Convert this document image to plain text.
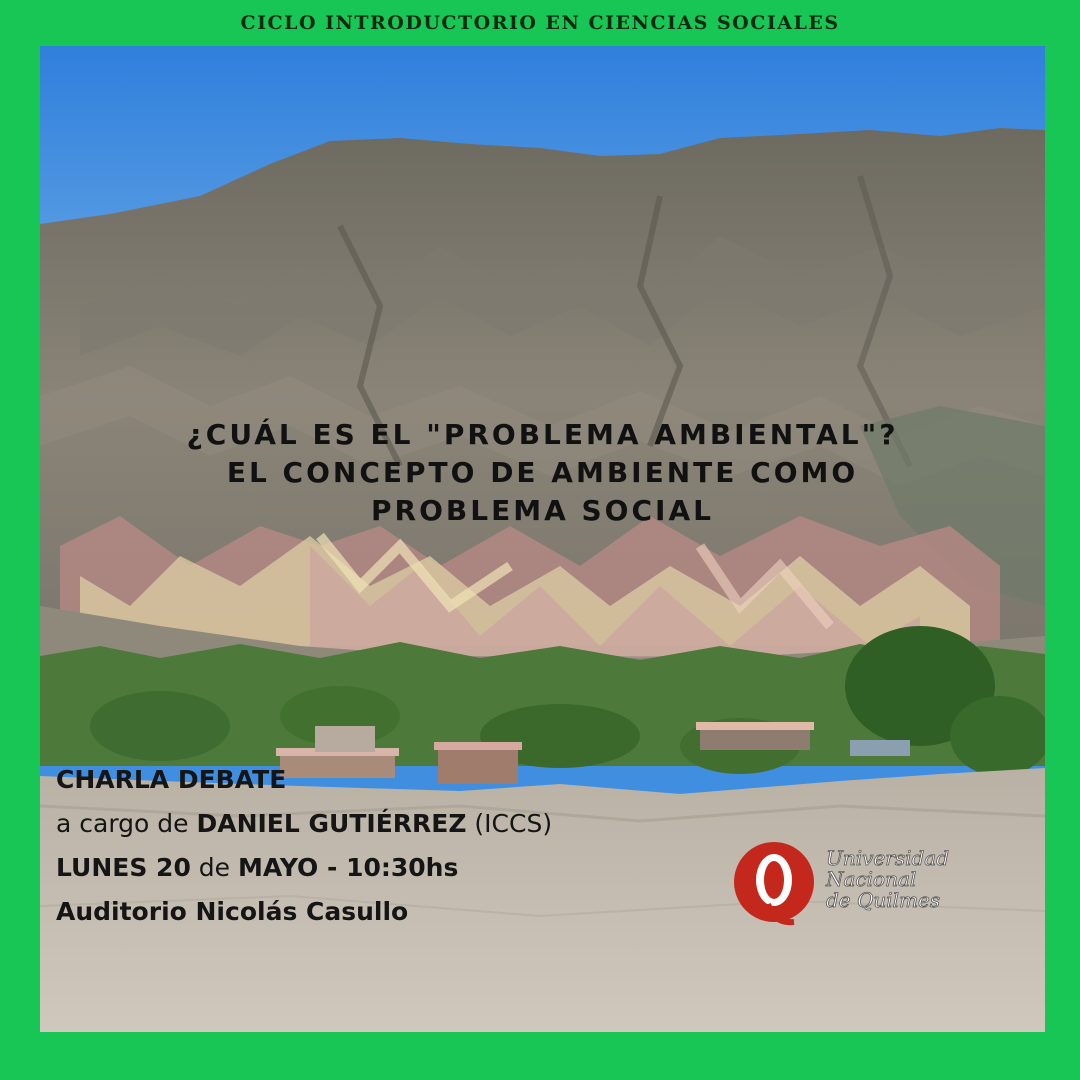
CICLO INTRODUCTORIO EN CIENCIAS SOCIALES
¿CUÁL ES EL "PROBLEMA AMBIENTAL"?
EL CONCEPTO DE AMBIENTE COMO
PROBLEMA SOCIAL
CHARLA DEBATE
a cargo de DANIEL GUTIÉRREZ (ICCS)
LUNES 20 de MAYO - 10:30hs
Auditorio Nicolás Casullo
Universidad
Nacional
de Quilmes
